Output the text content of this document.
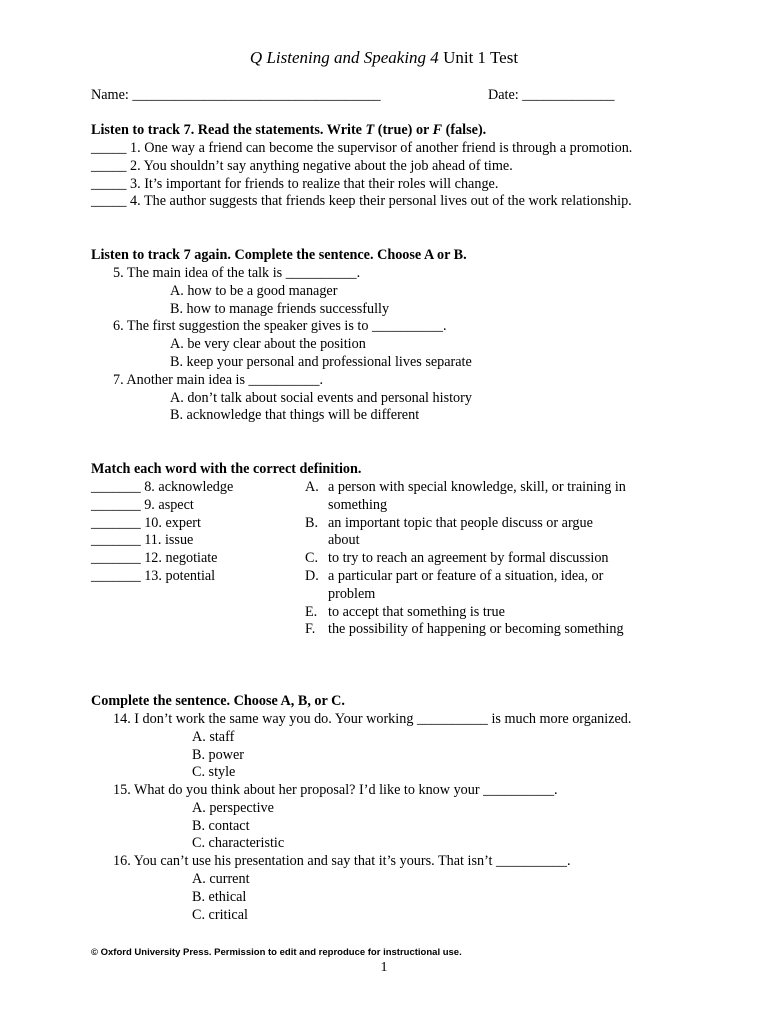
Q Listening and Speaking 4 Unit 1 Test
Name: ___________________________________	Date: _____________
Listen to track 7. Read the statements. Write T (true) or F (false).
_____ 1. One way a friend can become the supervisor of another friend is through a promotion.
_____ 2. You shouldn’t say anything negative about the job ahead of time.
_____ 3. It’s important for friends to realize that their roles will change.
_____ 4. The author suggests that friends keep their personal lives out of the work relationship.
Listen to track 7 again. Complete the sentence. Choose A or B.
5. The main idea of the talk is __________.
A. how to be a good manager
B. how to manage friends successfully
6. The first suggestion the speaker gives is to __________.
A. be very clear about the position
B. keep your personal and professional lives separate
7. Another main idea is __________.
A. don’t talk about social events and personal history
B. acknowledge that things will be different
Match each word with the correct definition.
_______ 8. acknowledge
_______ 9. aspect
_______ 10. expert
_______ 11. issue
_______ 12. negotiate
_______ 13. potential
A. a person with special knowledge, skill, or training in
something
B. an important topic that people discuss or argue
about
C. to try to reach an agreement by formal discussion
D. a particular part or feature of a situation, idea, or
problem
E. to accept that something is true
F. the possibility of happening or becoming something
Complete the sentence. Choose A, B, or C.
14. I don’t work the same way you do. Your working __________ is much more organized.
A. staff
B. power
C. style
15. What do you think about her proposal? I’d like to know your __________.
A. perspective
B. contact
C. characteristic
16. You can’t use his presentation and say that it’s yours. That isn’t __________.
A. current
B. ethical
C. critical
© Oxford University Press. Permission to edit and reproduce for instructional use.
1
